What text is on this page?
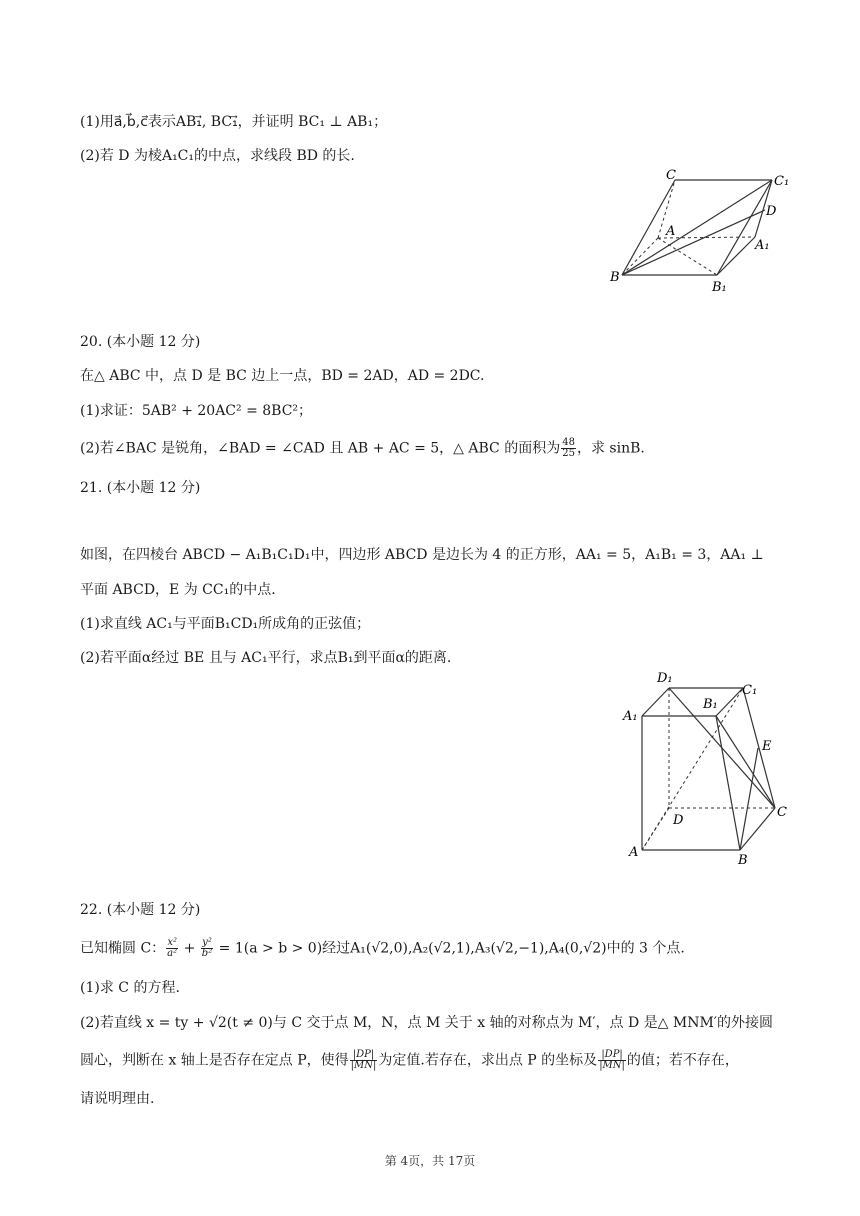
(1)用a⃗,b⃗,c⃗表示AB₁⃗, BC₁⃗，并证明 BC₁ ⊥ AB₁；
(2)若 D 为棱A₁C₁的中点，求线段 BD 的长.
C	C₁
D
A
A₁
B
B₁
20. (本小题 12 分)
在△ ABC 中，点 D 是 BC 边上一点，BD = 2AD，AD = 2DC.
(1)求证：5AB² + 20AC² = 8BC²；
(2)若∠BAC 是锐角，∠BAD = ∠CAD 且 AB + AC = 5，△ ABC 的面积为 $\frac{48}{25}$ ，求 sinB.
21. (本小题 12 分)
如图，在四棱台 ABCD − A₁B₁C₁D₁中，四边形 ABCD 是边长为 4 的正方形，AA₁ = 5，A₁B₁ = 3，AA₁ ⊥
平面 ABCD，E 为 CC₁的中点.
(1)求直线 AC₁与平面B₁CD₁所成角的正弦值；
(2)若平面α经过 BE 且与 AC₁平行，求点B₁到平面α的距离.
D₁
B₁
C₁
A₁
E
D
C
A
B
22. (本小题 12 分)
已知椭圆 C： $\frac{\text{x²}}{\text{a²}} + \frac{\text{y²}}{\text{b²}} = 1(a > b > 0)$经过A₁(√2,0),A₂(√2,1),A₃(√2,−1),A₄(0,√2)中的 3 个点.
(1)求 C 的方程.
(2)若直线 x = ty + √2(t ≠ 0)与 C 交于点 M，N，点 M 关于 x 轴的对称点为 M′，点 D 是△ MNM′的外接圆
圆心，判断在 x 轴上是否存在定点 P，使得 $\frac{|DP|}{|MN|}$ 为定值.若存在，求出点 P 的坐标及 $\frac{|DP|}{|MN|}$ 的值；若不存在，
请说明理由.
第 4页，共 17页
